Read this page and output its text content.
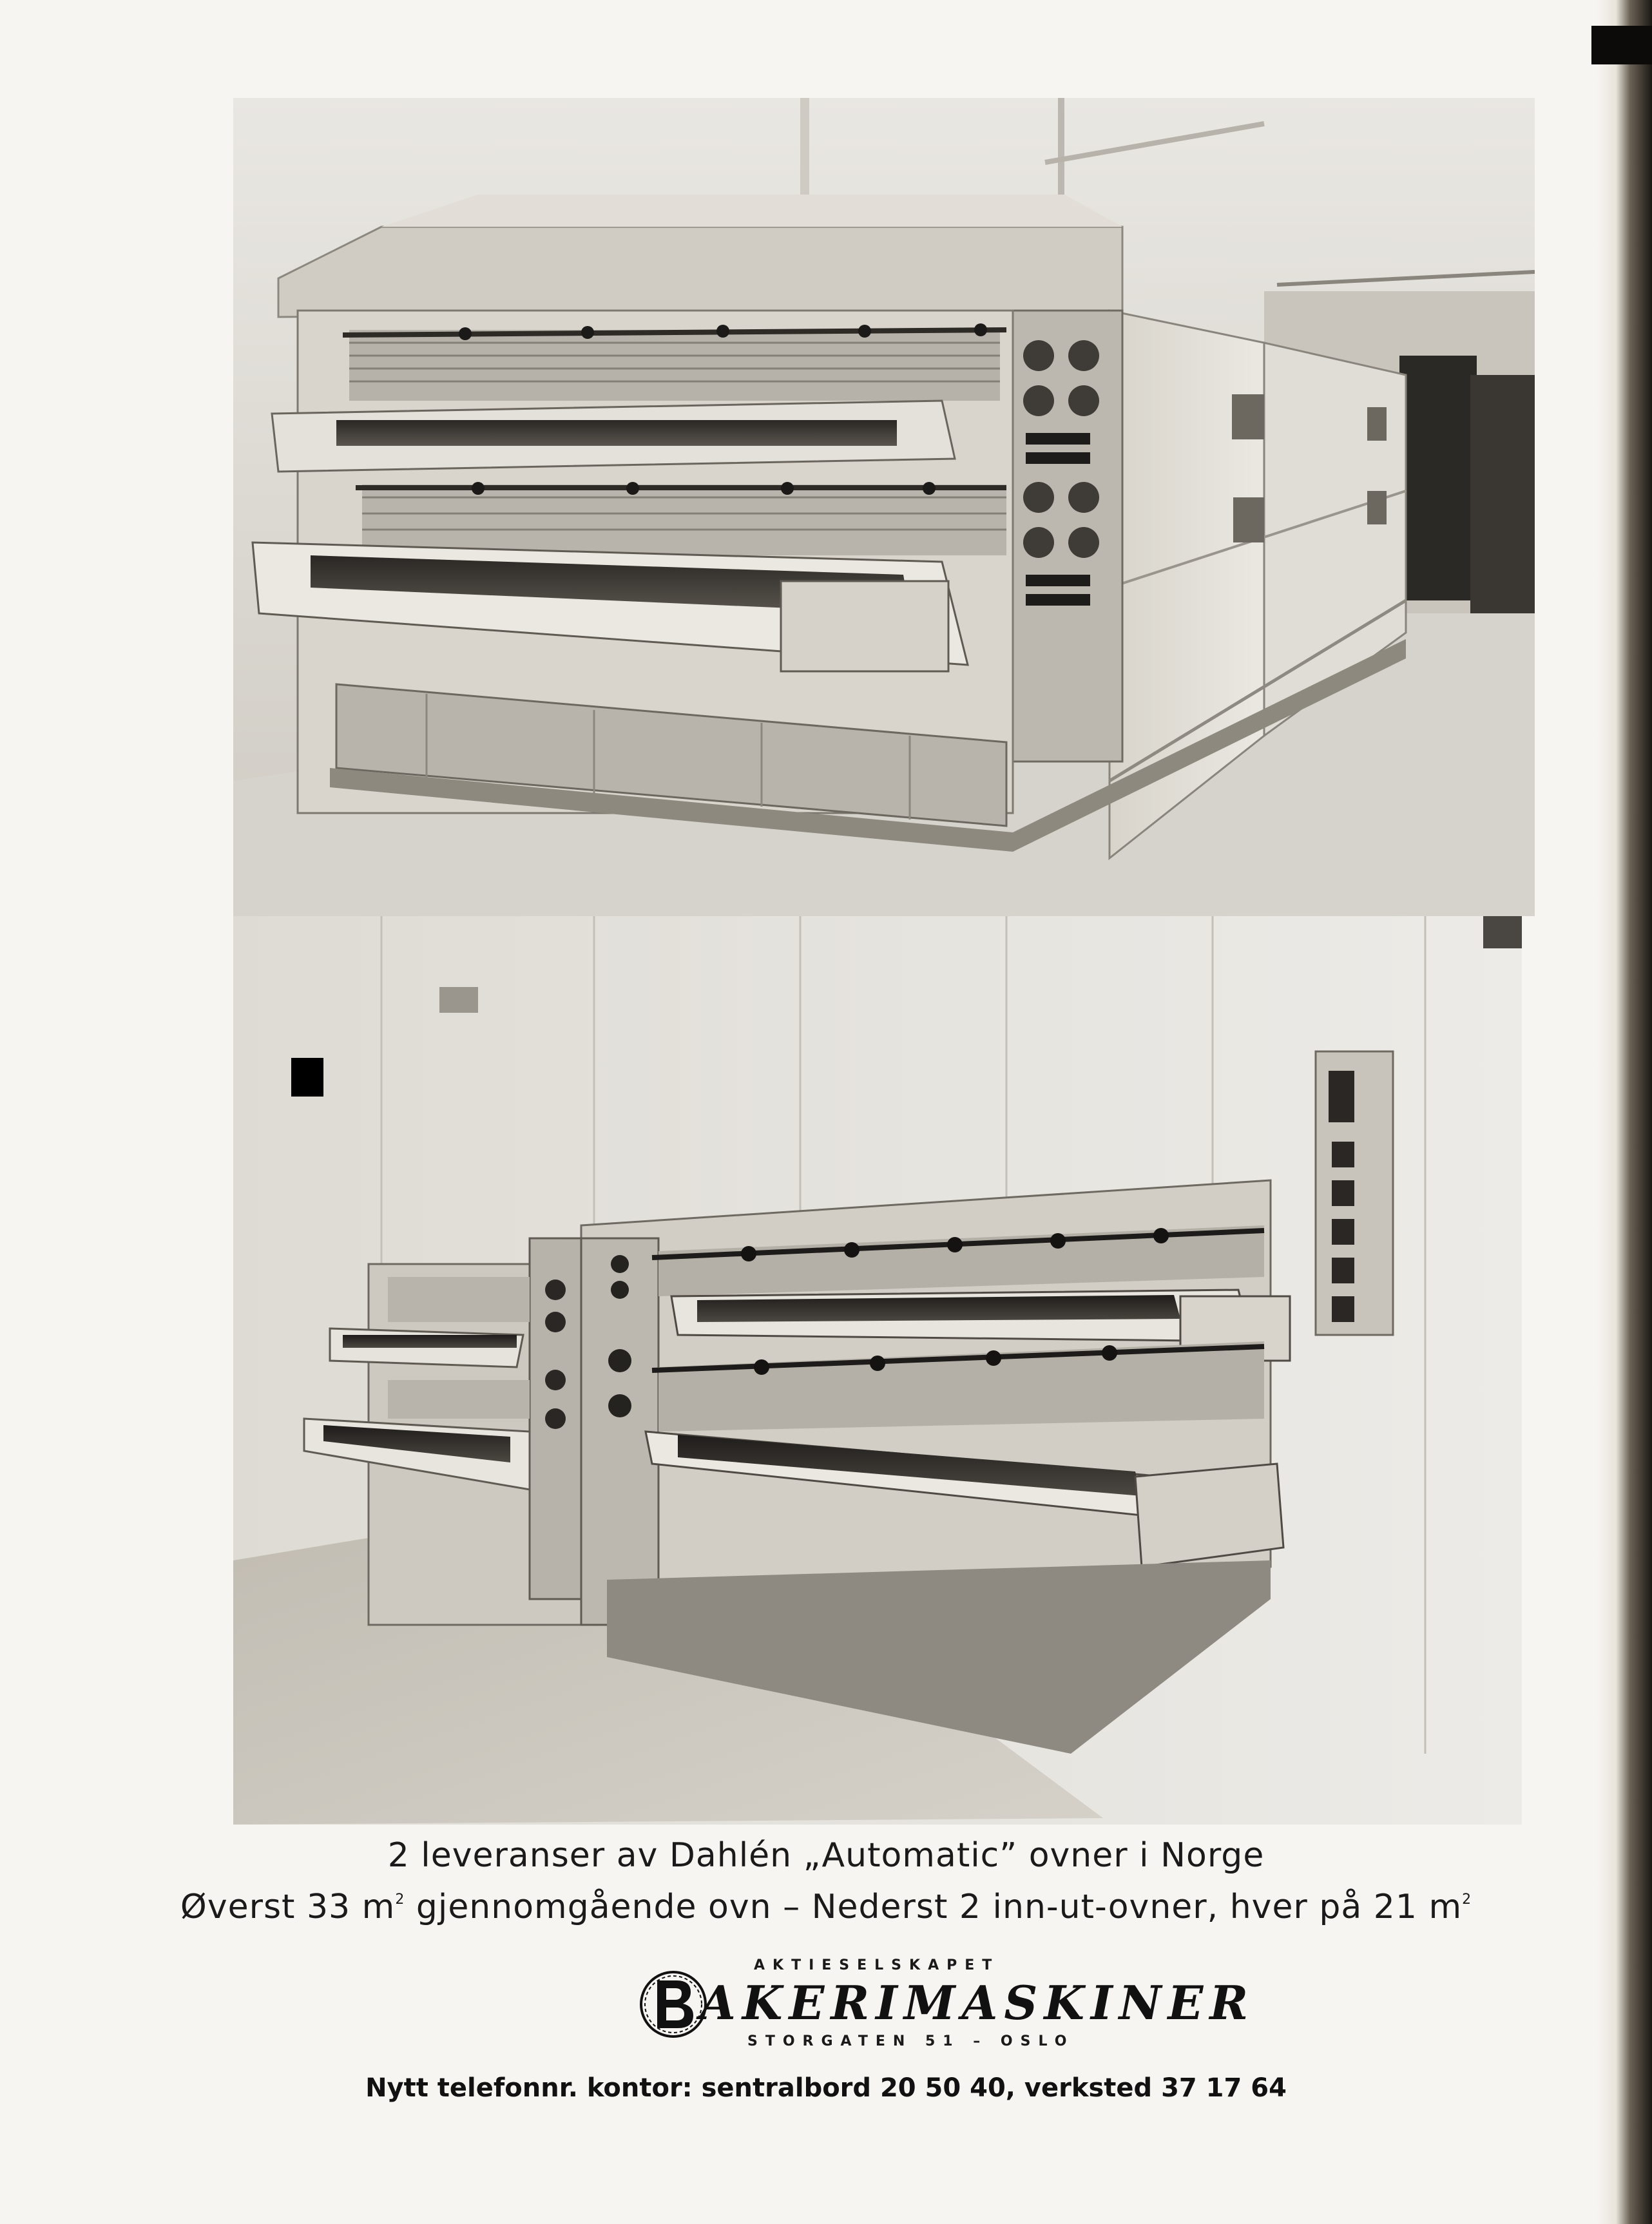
2 leveranser av Dahlén „Automatic” ovner i Norge
Øverst 33 $m^2$ gjennomgående ovn – Nederst 2 inn-ut-ovner, hver på 21 $m^2$
AKTIESELSKAPET
AKERIMASKINER
STORGATEN 51 – OSLO
Nytt telefonnr. kontor: sentralbord 20 50 40, verksted 37 17 64
